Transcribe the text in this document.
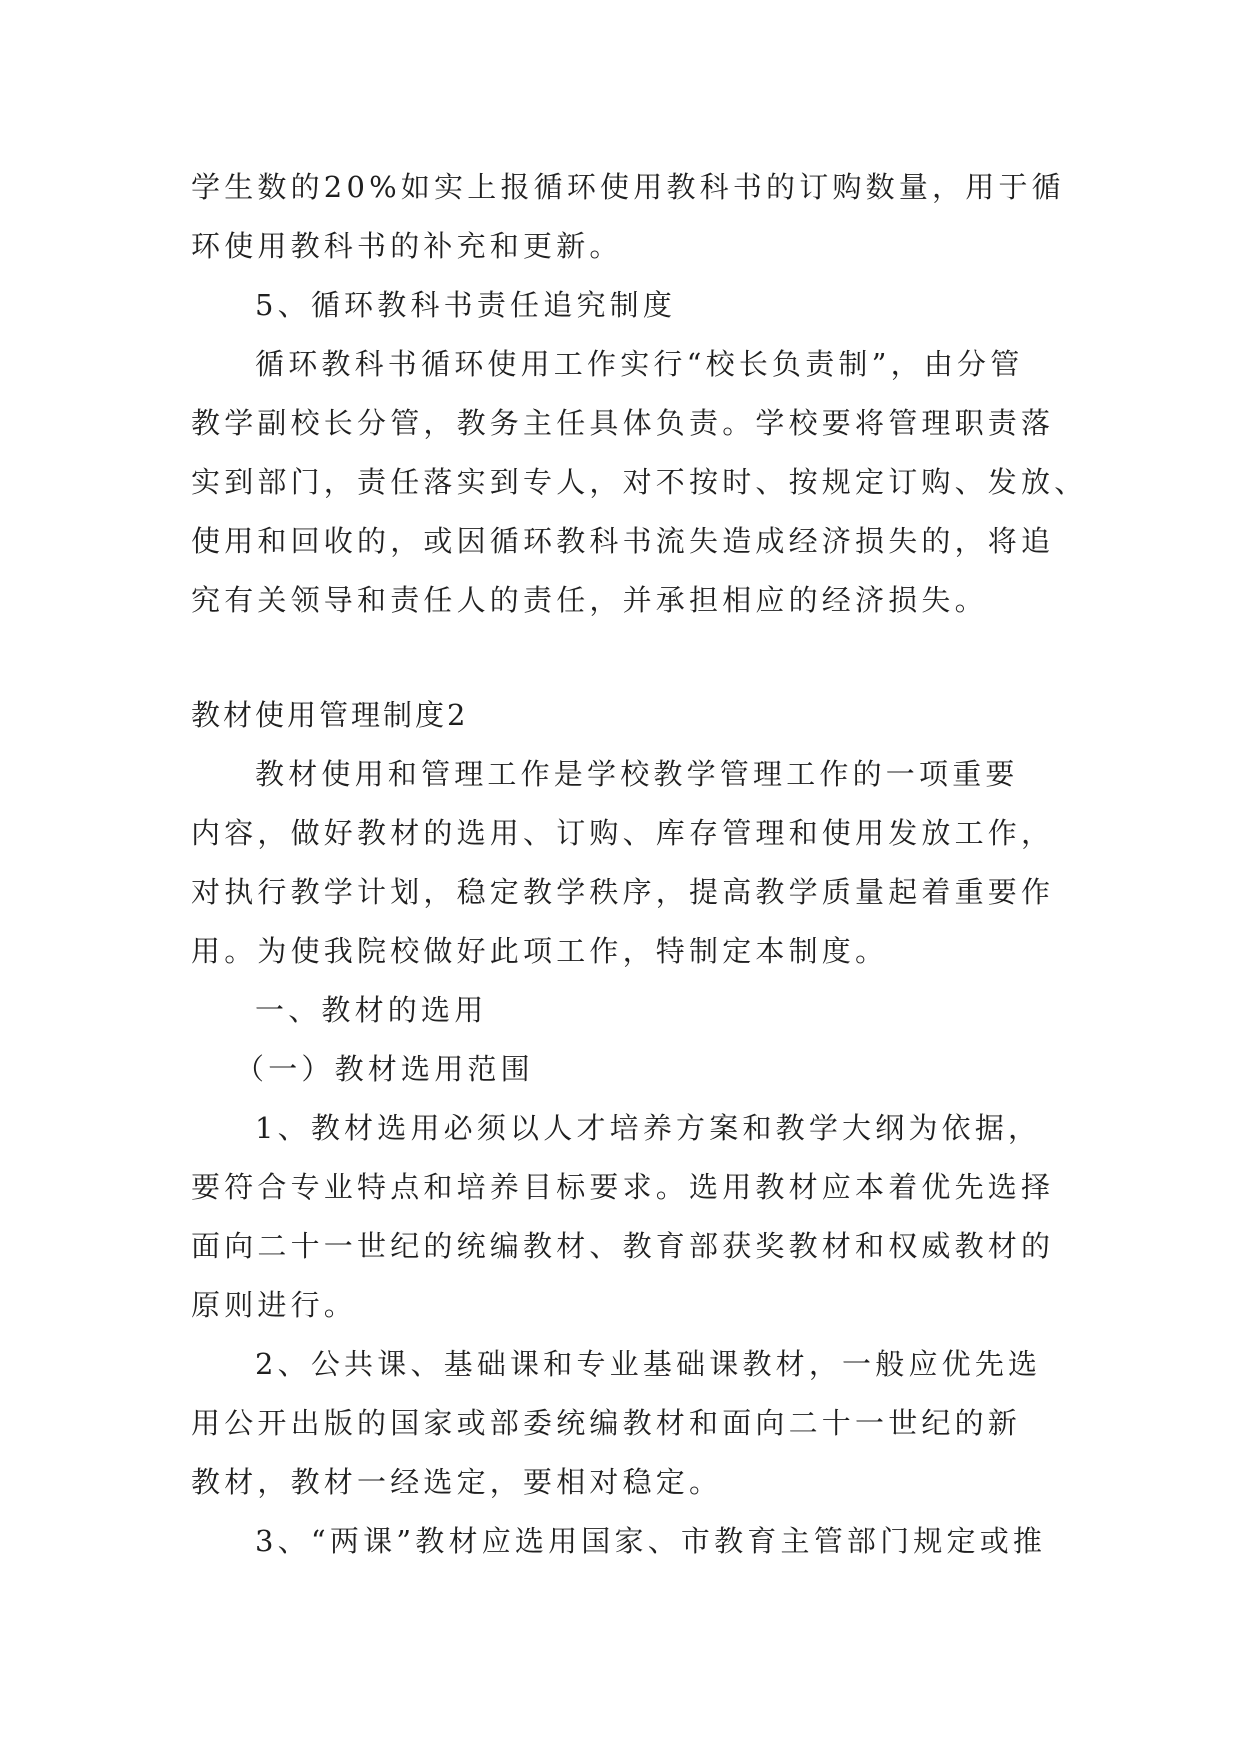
学生数的20%如实上报循环使用教科书的订购数量，用于循
环使用教科书的补充和更新。
5、循环教科书责任追究制度
循环教科书循环使用工作实行“校长负责制”，由分管
教学副校长分管，教务主任具体负责。学校要将管理职责落
实到部门，责任落实到专人，对不按时、按规定订购、发放、
使用和回收的，或因循环教科书流失造成经济损失的，将追
究有关领导和责任人的责任，并承担相应的经济损失。
教材使用管理制度2
教材使用和管理工作是学校教学管理工作的一项重要
内容，做好教材的选用、订购、库存管理和使用发放工作，
对执行教学计划，稳定教学秩序，提高教学质量起着重要作
用。为使我院校做好此项工作，特制定本制度。
一、教材的选用
（一）教材选用范围
1、教材选用必须以人才培养方案和教学大纲为依据，
要符合专业特点和培养目标要求。选用教材应本着优先选择
面向二十一世纪的统编教材、教育部获奖教材和权威教材的
原则进行。
2、公共课、基础课和专业基础课教材，一般应优先选
用公开出版的国家或部委统编教材和面向二十一世纪的新
教材，教材一经选定，要相对稳定。
3、“两课”教材应选用国家、市教育主管部门规定或推
